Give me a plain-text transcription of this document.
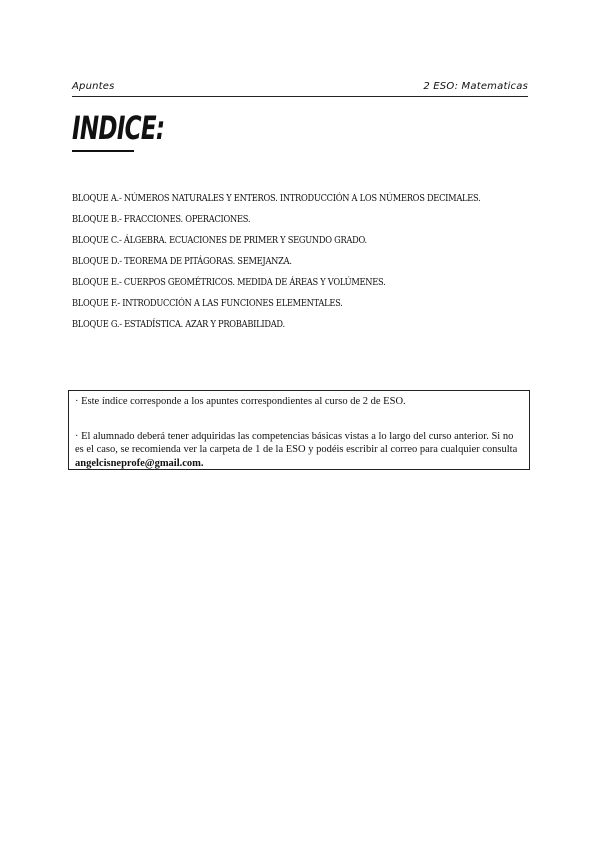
Apuntes	2 ESO: Matematicas
INDICE:
BLOQUE A.- NÚMEROS NATURALES Y ENTEROS. INTRODUCCIÓN A LOS NÚMEROS DECIMALES.
BLOQUE B.- FRACCIONES. OPERACIONES.
BLOQUE C.- ÁLGEBRA. ECUACIONES DE PRIMER Y SEGUNDO GRADO.
BLOQUE D.- TEOREMA DE PITÁGORAS. SEMEJANZA.
BLOQUE E.- CUERPOS GEOMÉTRICOS. MEDIDA DE ÁREAS Y VOLÚMENES.
BLOQUE F.- INTRODUCCIÓN A LAS FUNCIONES ELEMENTALES.
BLOQUE G.- ESTADÍSTICA. AZAR Y PROBABILIDAD.

· Este índice corresponde a los apuntes correspondientes al curso de 2 de ESO.

· El alumnado deberá tener adquiridas las competencias básicas vistas a lo largo del curso anterior. Si no es el caso, se recomienda ver la carpeta de 1 de la ESO y podéis escribir al correo para cualquier consulta angelcisneprofe@gmail.com.
